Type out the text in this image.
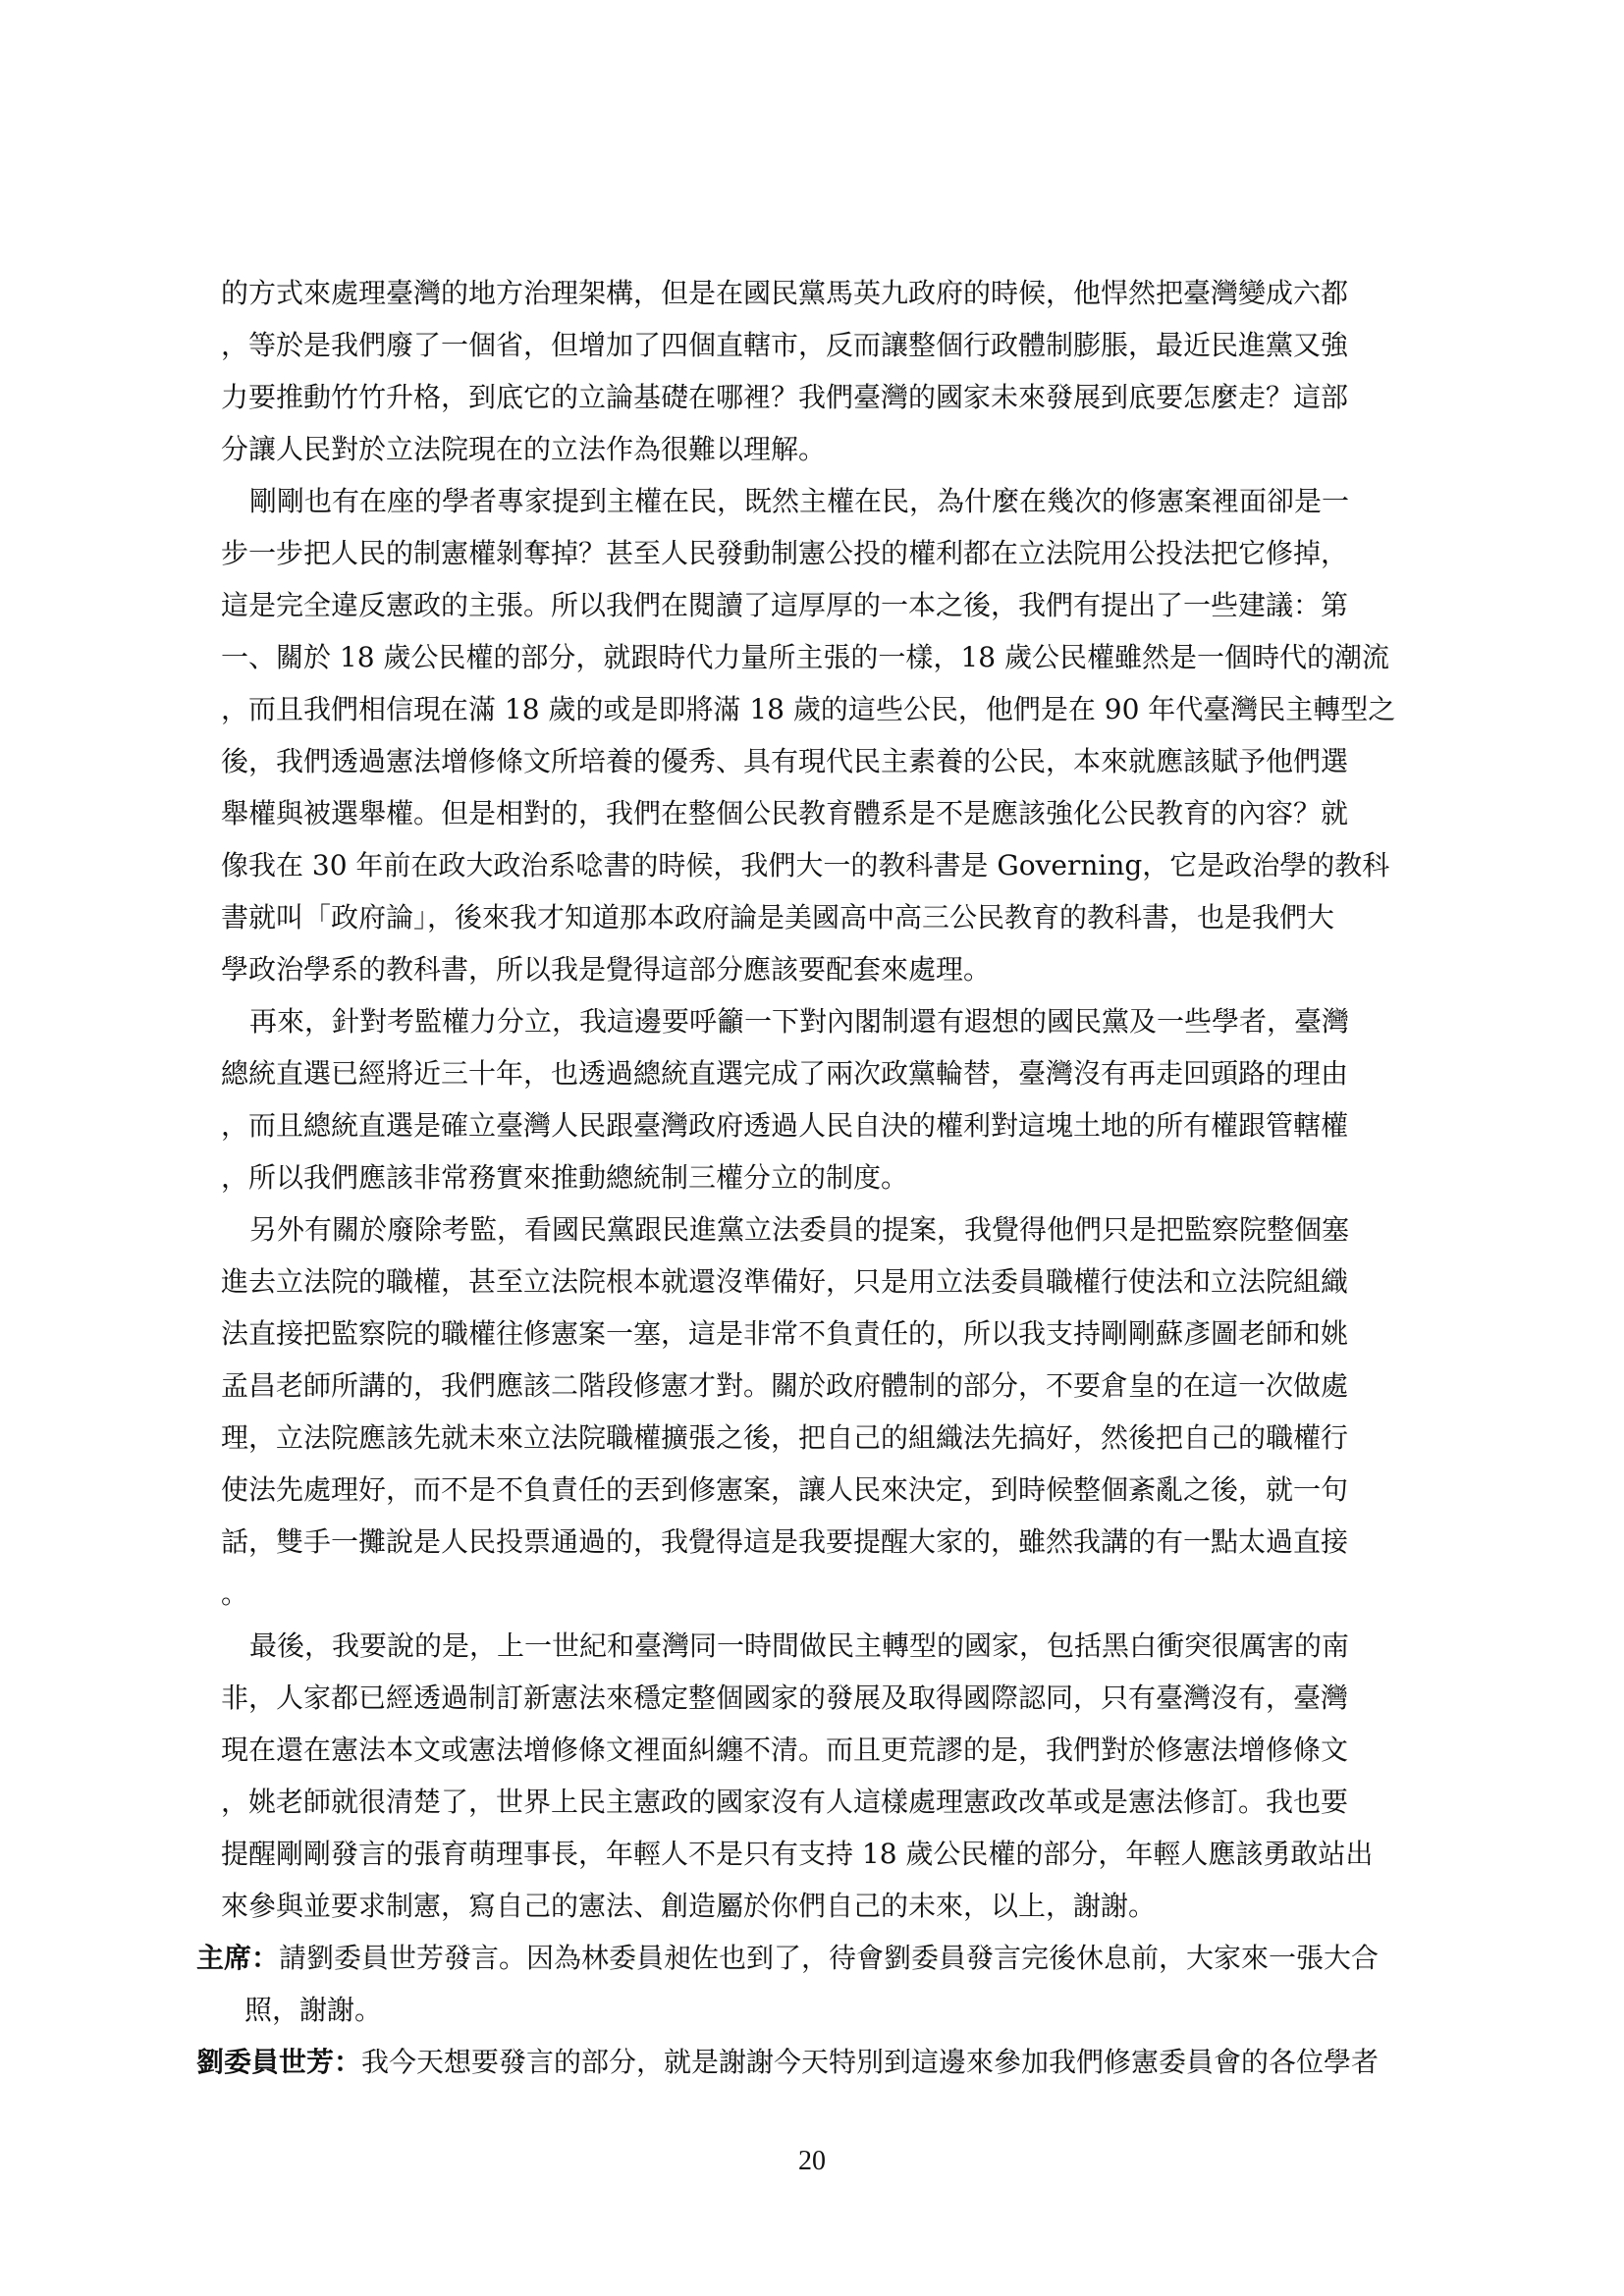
的方式來處理臺灣的地方治理架構，但是在國民黨馬英九政府的時候，他悍然把臺灣變成六都
，等於是我們廢了一個省，但增加了四個直轄市，反而讓整個行政體制膨脹，最近民進黨又強
力要推動竹竹升格，到底它的立論基礎在哪裡？我們臺灣的國家未來發展到底要怎麼走？這部
分讓人民對於立法院現在的立法作為很難以理解。
剛剛也有在座的學者專家提到主權在民，既然主權在民，為什麼在幾次的修憲案裡面卻是一
步一步把人民的制憲權剝奪掉？甚至人民發動制憲公投的權利都在立法院用公投法把它修掉，
這是完全違反憲政的主張。所以我們在閱讀了這厚厚的一本之後，我們有提出了一些建議：第
一、關於 18 歲公民權的部分，就跟時代力量所主張的一樣，18 歲公民權雖然是一個時代的潮流
，而且我們相信現在滿 18 歲的或是即將滿 18 歲的這些公民，他們是在 90 年代臺灣民主轉型之
後，我們透過憲法增修條文所培養的優秀、具有現代民主素養的公民，本來就應該賦予他們選
舉權與被選舉權。但是相對的，我們在整個公民教育體系是不是應該強化公民教育的內容？就
像我在 30 年前在政大政治系唸書的時候，我們大一的教科書是 Governing，它是政治學的教科
書就叫「政府論」，後來我才知道那本政府論是美國高中高三公民教育的教科書，也是我們大
學政治學系的教科書，所以我是覺得這部分應該要配套來處理。
再來，針對考監權力分立，我這邊要呼籲一下對內閣制還有遐想的國民黨及一些學者，臺灣
總統直選已經將近三十年，也透過總統直選完成了兩次政黨輪替，臺灣沒有再走回頭路的理由
，而且總統直選是確立臺灣人民跟臺灣政府透過人民自決的權利對這塊土地的所有權跟管轄權
，所以我們應該非常務實來推動總統制三權分立的制度。
另外有關於廢除考監，看國民黨跟民進黨立法委員的提案，我覺得他們只是把監察院整個塞
進去立法院的職權，甚至立法院根本就還沒準備好，只是用立法委員職權行使法和立法院組織
法直接把監察院的職權往修憲案一塞，這是非常不負責任的，所以我支持剛剛蘇彥圖老師和姚
孟昌老師所講的，我們應該二階段修憲才對。關於政府體制的部分，不要倉皇的在這一次做處
理，立法院應該先就未來立法院職權擴張之後，把自己的組織法先搞好，然後把自己的職權行
使法先處理好，而不是不負責任的丟到修憲案，讓人民來決定，到時候整個紊亂之後，就一句
話，雙手一攤說是人民投票通過的，我覺得這是我要提醒大家的，雖然我講的有一點太過直接
。
最後，我要說的是，上一世紀和臺灣同一時間做民主轉型的國家，包括黑白衝突很厲害的南
非，人家都已經透過制訂新憲法來穩定整個國家的發展及取得國際認同，只有臺灣沒有，臺灣
現在還在憲法本文或憲法增修條文裡面糾纏不清。而且更荒謬的是，我們對於修憲法增修條文
，姚老師就很清楚了，世界上民主憲政的國家沒有人這樣處理憲政改革或是憲法修訂。我也要
提醒剛剛發言的張育萌理事長，年輕人不是只有支持 18 歲公民權的部分，年輕人應該勇敢站出
來參與並要求制憲，寫自己的憲法、創造屬於你們自己的未來，以上，謝謝。
主席：請劉委員世芳發言。因為林委員昶佐也到了，待會劉委員發言完後休息前，大家來一張大合
照，謝謝。
劉委員世芳：我今天想要發言的部分，就是謝謝今天特別到這邊來參加我們修憲委員會的各位學者
20
